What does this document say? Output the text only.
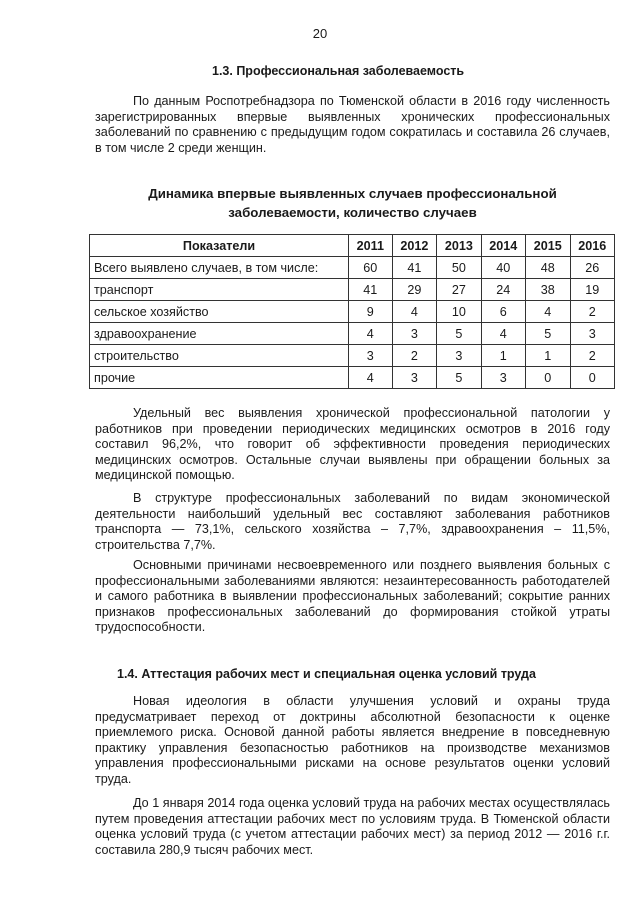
20
1.3. Профессиональная заболеваемость
По данным Роспотребнадзора по Тюменской области в 2016 году численность зарегистрированных впервые выявленных хронических профессиональных заболеваний по сравнению с предыдущим годом сократилась и составила 26 случаев, в том числе 2 среди женщин.
Динамика впервые выявленных случаев профессиональной заболеваемости, количество случаев
Показатели	2011	2012	2013	2014	2015	2016
Всего выявлено случаев, в том числе:	60	41	50	40	48	26
транспорт	41	29	27	24	38	19
сельское хозяйство	9	4	10	6	4	2
здравоохранение	4	3	5	4	5	3
строительство	3	2	3	1	1	2
прочие	4	3	5	3	0	0
Удельный вес выявления хронической профессиональной патологии у работников при проведении периодических медицинских осмотров в 2016 году составил 96,2%, что говорит об эффективности проведения периодических медицинских осмотров. Остальные случаи выявлены при обращении больных за медицинской помощью.
В структуре профессиональных заболеваний по видам экономической деятельности наибольший удельный вес составляют заболевания работников транспорта — 73,1%, сельского хозяйства – 7,7%, здравоохранения – 11,5%, строительства 7,7%.
Основными причинами несвоевременного или позднего выявления больных с профессиональными заболеваниями являются: незаинтересованность работодателей и самого работника в выявлении профессиональных заболеваний; сокрытие ранних признаков профессиональных заболеваний до формирования стойкой утраты трудоспособности.
1.4. Аттестация рабочих мест и специальная оценка условий труда
Новая идеология в области улучшения условий и охраны труда предусматривает переход от доктрины абсолютной безопасности к оценке приемлемого риска. Основой данной работы является внедрение в повседневную практику управления безопасностью работников на производстве механизмов управления профессиональными рисками на основе результатов оценки условий труда.
До 1 января 2014 года оценка условий труда на рабочих местах осуществлялась путем проведения аттестации рабочих мест по условиям труда. В Тюменской области оценка условий труда (с учетом аттестации рабочих мест) за период 2012 — 2016 г.г. составила 280,9 тысяч рабочих мест.
